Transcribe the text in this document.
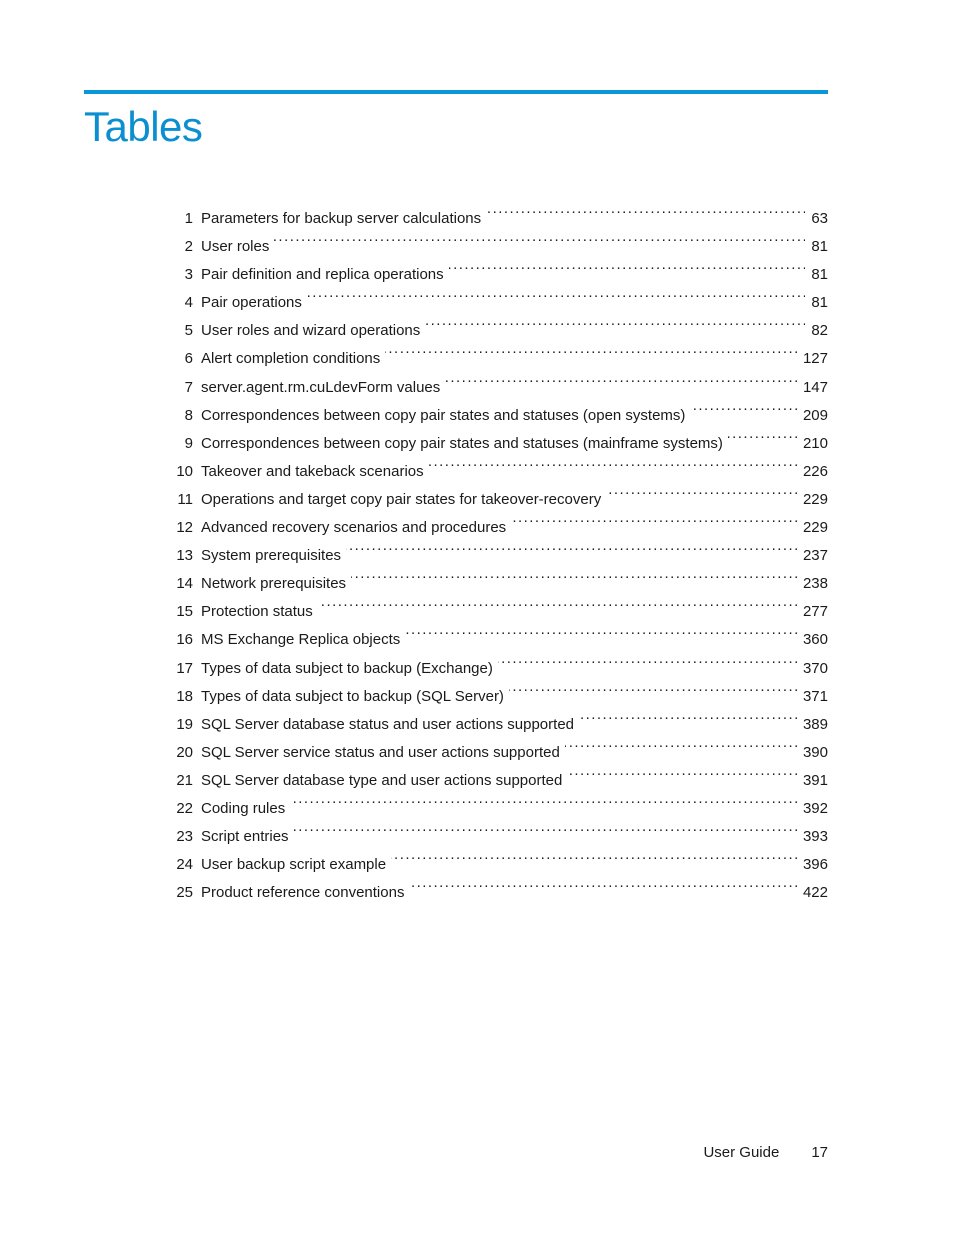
Tables
1 Parameters for backup server calculations . . .	63
2 User roles . . .	81
3 Pair definition and replica operations . . .	81
4 Pair operations . . .	81
5 User roles and wizard operations . . .	82
6 Alert completion conditions . . .	127
7 server.agent.rm.cuLdevForm values . . .	147
8 Correspondences between copy pair states and statuses (open systems) . . .	209
9 Correspondences between copy pair states and statuses (mainframe systems) . . .	210
10 Takeover and takeback scenarios . . .	226
11 Operations and target copy pair states for takeover-recovery . . .	229
12 Advanced recovery scenarios and procedures . . .	229
13 System prerequisites . . .	237
14 Network prerequisites . . .	238
15 Protection status . . .	277
16 MS Exchange Replica objects . . .	360
17 Types of data subject to backup (Exchange) . . .	370
18 Types of data subject to backup (SQL Server) . . .	371
19 SQL Server database status and user actions supported . . .	389
20 SQL Server service status and user actions supported . . .	390
21 SQL Server database type and user actions supported . . .	391
22 Coding rules . . .	392
23 Script entries . . .	393
24 User backup script example . . .	396
25 Product reference conventions . . .	422
User Guide 17
